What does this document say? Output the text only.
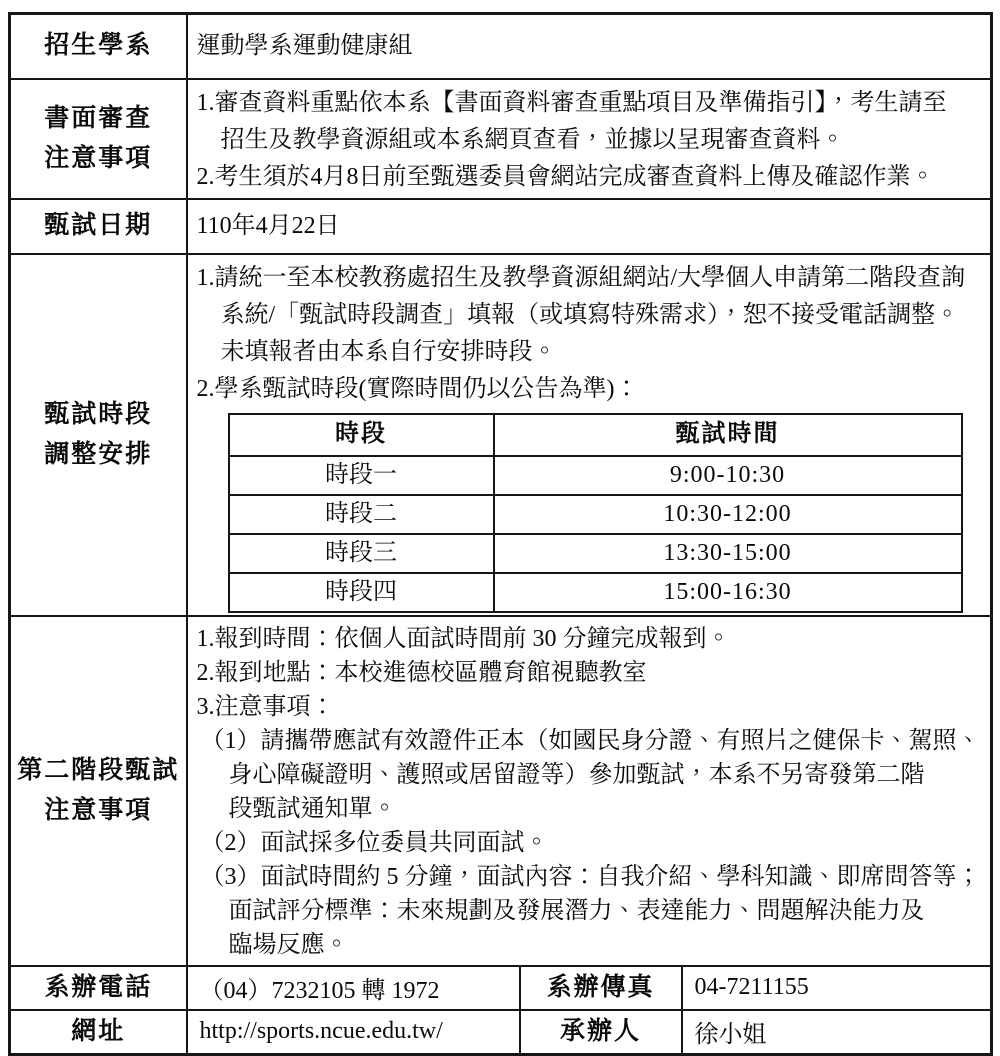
招生學系	運動學系運動健康組

書面審查
注意事項

1.審查資料重點依本系【書面資料審查重點項目及準備指引】，考生請至
招生及教學資源組或本系網頁查看，並據以呈現審查資料。
2.考生須於4月8日前至甄選委員會網站完成審查資料上傳及確認作業。

甄試日期	110年4月22日

甄試時段
調整安排

1.請統一至本校教務處招生及教學資源組網站/大學個人申請第二階段查詢
系統/「甄試時段調查」填報（或填寫特殊需求），恕不接受電話調整。
未填報者由本系自行安排時段。
2.學系甄試時段(實際時間仍以公告為準)：
時段	甄試時間
時段一	9:00-10:30
時段二	10:30-12:00
時段三	13:30-15:00
時段四	15:00-16:30

第二階段甄試
注意事項

1.報到時間：依個人面試時間前 30 分鐘完成報到。
2.報到地點：本校進德校區體育館視聽教室
3.注意事項：
（1）請攜帶應試有效證件正本（如國民身分證、有照片之健保卡、駕照、
身心障礙證明、護照或居留證等）參加甄試，本系不另寄發第二階
段甄試通知單。
（2）面試採多位委員共同面試。
（3）面試時間約 5 分鐘，面試內容：自我介紹、學科知識、即席問答等；
面試評分標準：未來規劃及發展潛力、表達能力、問題解決能力及
臨場反應。

系辦電話	（04）7232105 轉 1972	系辦傳真	04-7211155

網址	http://sports.ncue.edu.tw/	承辦人	徐小姐
